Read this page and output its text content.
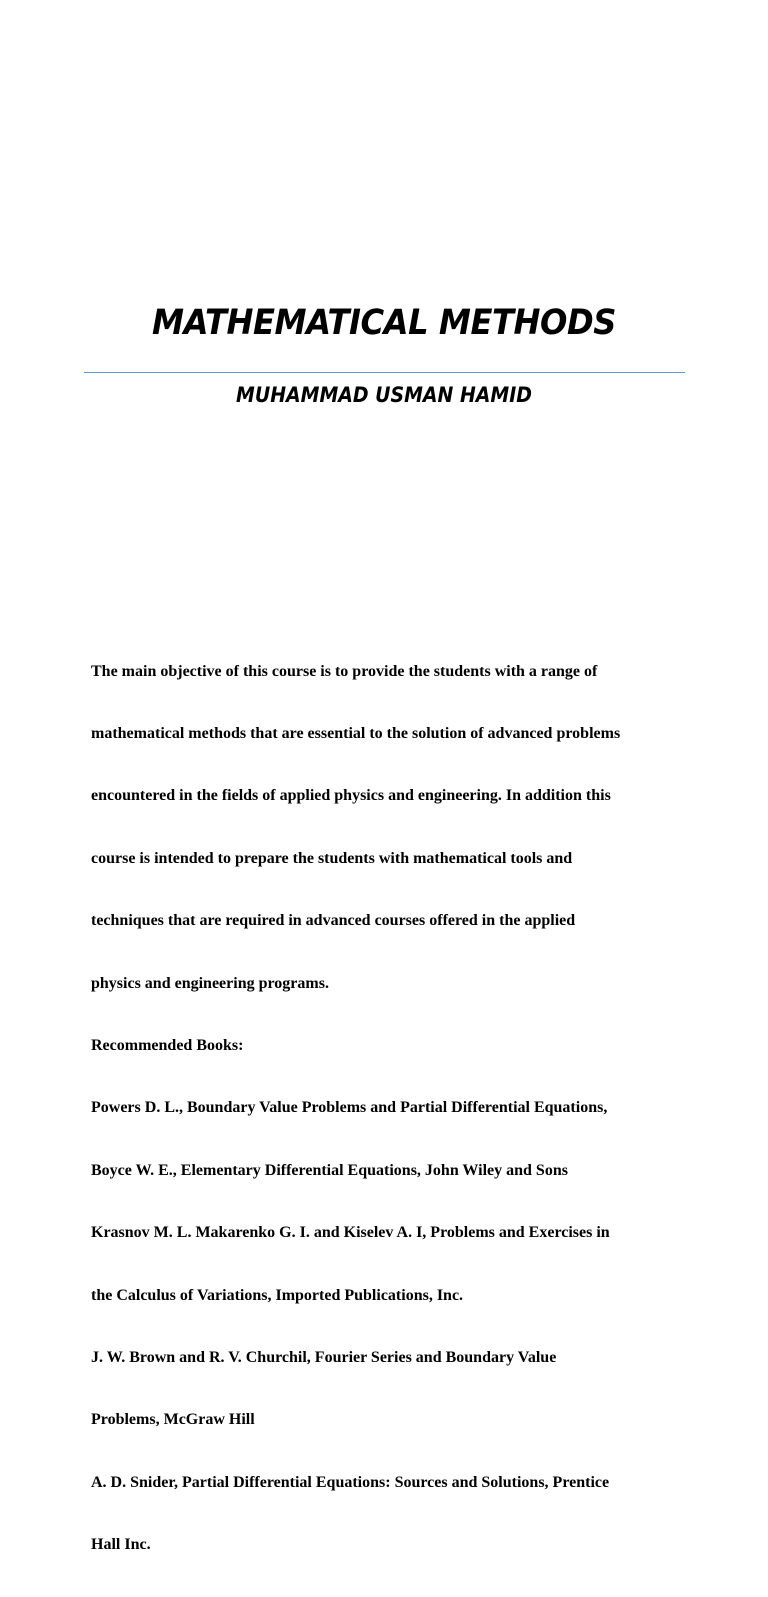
MATHEMATICAL METHODS
MUHAMMAD USMAN HAMID

The main objective of this course is to provide the students with a range of

mathematical methods that are essential to the solution of advanced problems

encountered in the fields of applied physics and engineering. In addition this

course is intended to prepare the students with mathematical tools and

techniques that are required in advanced courses offered in the applied

physics and engineering programs.

Recommended Books:

Powers D. L., Boundary Value Problems and Partial Differential Equations,

Boyce W. E., Elementary Differential Equations, John Wiley and Sons

Krasnov M. L. Makarenko G. I. and Kiselev A. I, Problems and Exercises in

the Calculus of Variations, Imported Publications, Inc.

J. W. Brown and R. V. Churchil, Fourier Series and Boundary Value

Problems, McGraw Hill

A. D. Snider, Partial Differential Equations: Sources and Solutions, Prentice

Hall Inc.
